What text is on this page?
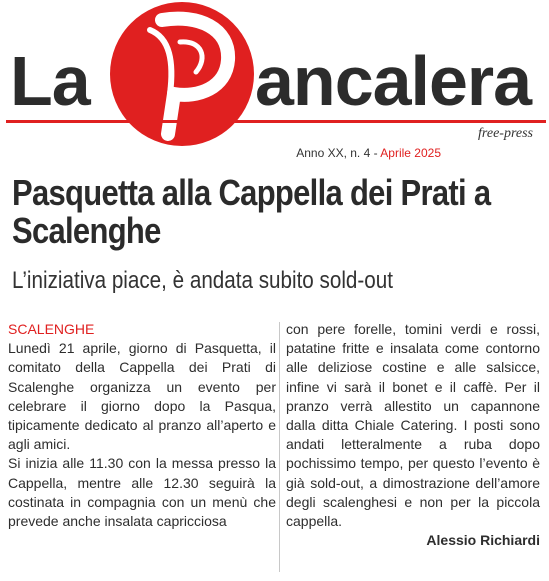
La ancalera
free-press
Anno XX, n. 4 - Aprile 2025
Pasquetta alla Cappella dei Prati a Scalenghe
L’iniziativa piace, è andata subito sold-out
SCALENGHE

Lunedì 21 aprile, giorno di Pasquetta, il comitato della Cappella dei Prati di Scalenghe organizza un evento per celebrare il giorno dopo la Pasqua, tipicamente dedicato al pranzo all’aperto e agli amici.

Si inizia alle 11.30 con la messa presso la Cappella, mentre alle 12.30 seguirà la costinata in compagnia con un menù che prevede anche insalata capricciosa

con pere forelle, tomini verdi e rossi, patatine fritte e insalata come contorno alle deliziose costine e alle salsicce, infine vi sarà il bonet e il caffè. Per il pranzo verrà allestito un capannone dalla ditta Chiale Catering. I posti sono andati letteralmente a ruba dopo pochissimo tempo, per questo l’evento è già sold-out, a dimostrazione dell’amore degli scalenghesi e non per la piccola cappella.

Alessio Richiardi
